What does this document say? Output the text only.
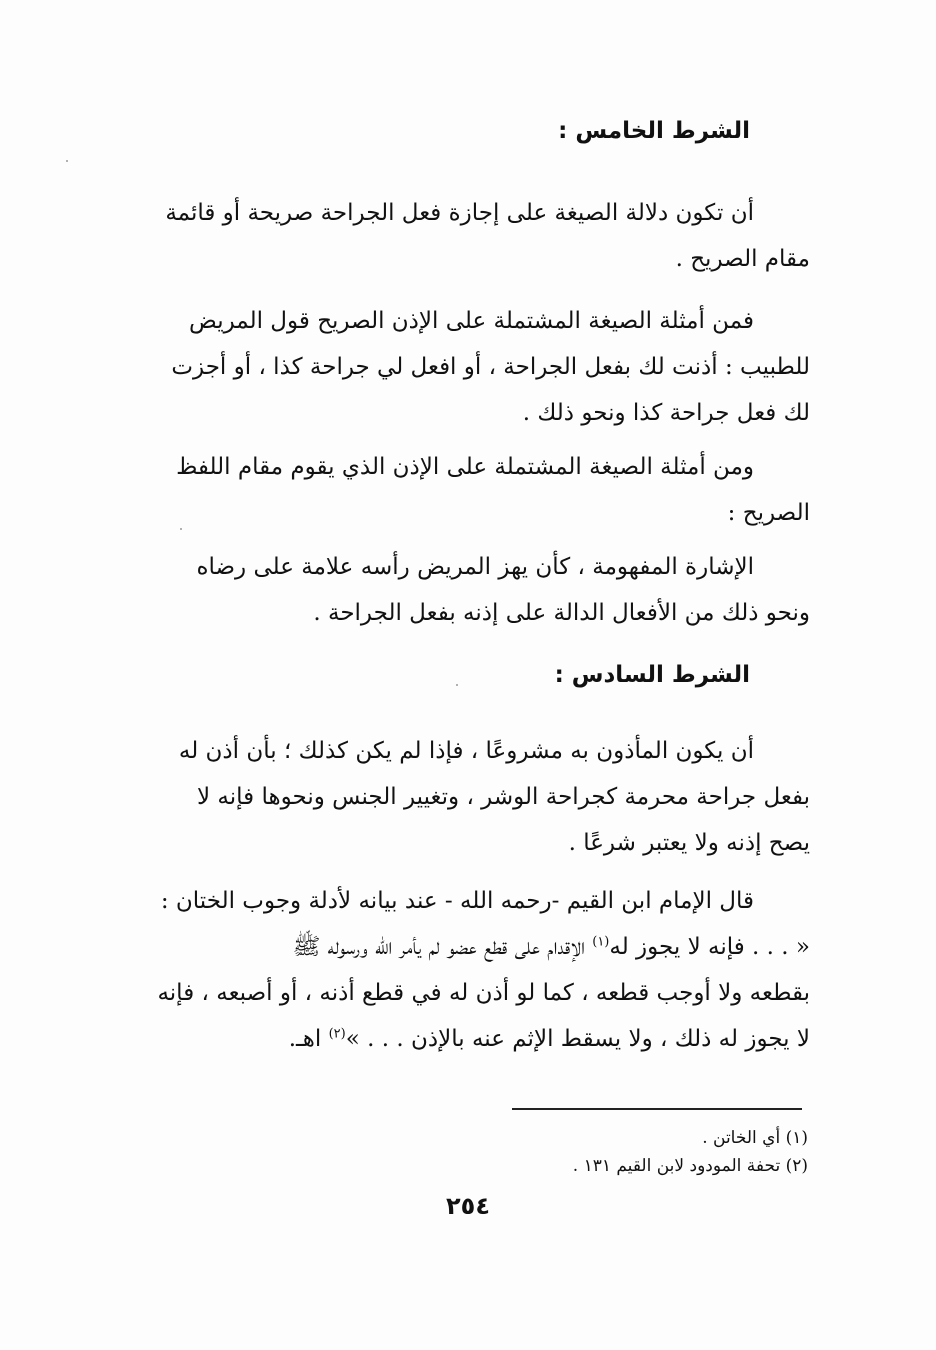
الشرط الخامس :
أن تكون دلالة الصيغة على إجازة فعل الجراحة صريحة أو قائمة
مقام الصريح .
فمن أمثلة الصيغة المشتملة على الإذن الصريح قول المريض
للطبيب : أذنت لك بفعل الجراحة ، أو افعل لي جراحة كذا ، أو أجزت
لك فعل جراحة كذا ونحو ذلك .
ومن أمثلة الصيغة المشتملة على الإذن الذي يقوم مقام اللفظ
الصريح :
الإشارة المفهومة ، كأن يهز المريض رأسه علامة على رضاه
ونحو ذلك من الأفعال الدالة على إذنه بفعل الجراحة .
الشرط السادس :
أن يكون المأذون به مشروعًا ، فإذا لم يكن كذلك ؛ بأن أذن له
بفعل جراحة محرمة كجراحة الوشر ، وتغيير الجنس ونحوها فإنه لا
يصح إذنه ولا يعتبر شرعًا .
قال الإمام ابن القيم -رحمه الله - عند بيانه لأدلة وجوب الختان :
« . . . فإنه لا يجوز له$^{(١)}$ الإقدام على قطع عضو لم يأمر الله ورسوله ﷺ
بقطعه ولا أوجب قطعه ، كما لو أذن له في قطع أذنه ، أو أصبعه ، فإنه
لا يجوز له ذلك ، ولا يسقط الإثم عنه بالإذن . . . »$^{(٢)}$ اهـ.
(١) أي الخاتن .
(٢) تحفة المودود لابن القيم ١٣١ .
٢٥٤
